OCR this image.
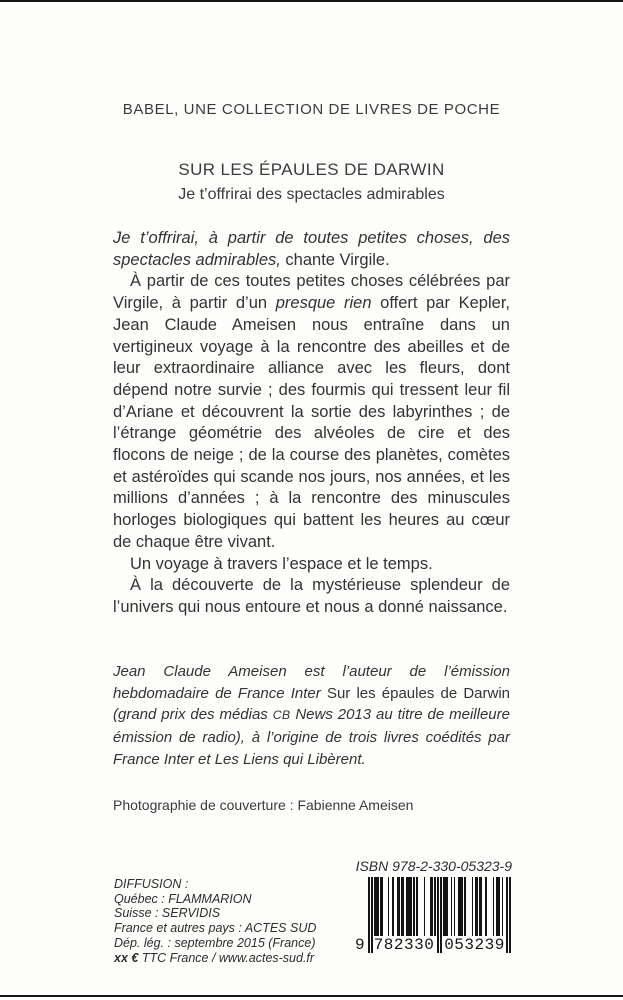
BABEL, UNE COLLECTION DE LIVRES DE POCHE
SUR LES ÉPAULES DE DARWIN
Je t’offrirai des spectacles admirables

Je t’offrirai, à partir de toutes petites choses, des spectacles admirables, chante Virgile.

À partir de ces toutes petites choses célébrées par Virgile, à partir d’un presque rien offert par Kepler, Jean Claude Ameisen nous entraîne dans un vertigineux voyage à la rencontre des abeilles et de leur extraordinaire alliance avec les fleurs, dont dépend notre survie ; des fourmis qui tressent leur fil d’Ariane et découvrent la sortie des labyrinthes ; de l’étrange géométrie des alvéoles de cire et des flocons de neige ; de la course des planètes, comètes et astéroïdes qui scande nos jours, nos années, et les millions d’années ; à la rencontre des minuscules horloges biologiques qui battent les heures au cœur de chaque être vivant.

Un voyage à travers l’espace et le temps.

À la découverte de la mystérieuse splendeur de l’univers qui nous entoure et nous a donné naissance.

Jean Claude Ameisen est l’auteur de l’émission hebdomadaire de France Inter Sur les épaules de Darwin (grand prix des médias CB News 2013 au titre de meilleure émission de radio), à l’origine de trois livres coédités par France Inter et Les Liens qui Libèrent.
Photographie de couverture : Fabienne Ameisen
ISBN 978-2-330-05323-9
DIFFUSION :
Québec : FLAMMARION
Suisse : SERVIDIS
France et autres pays : ACTES SUD
Dép. lég. : septembre 2015 (France)
xx € TTC France / www.actes-sud.fr
9 782330 053239
